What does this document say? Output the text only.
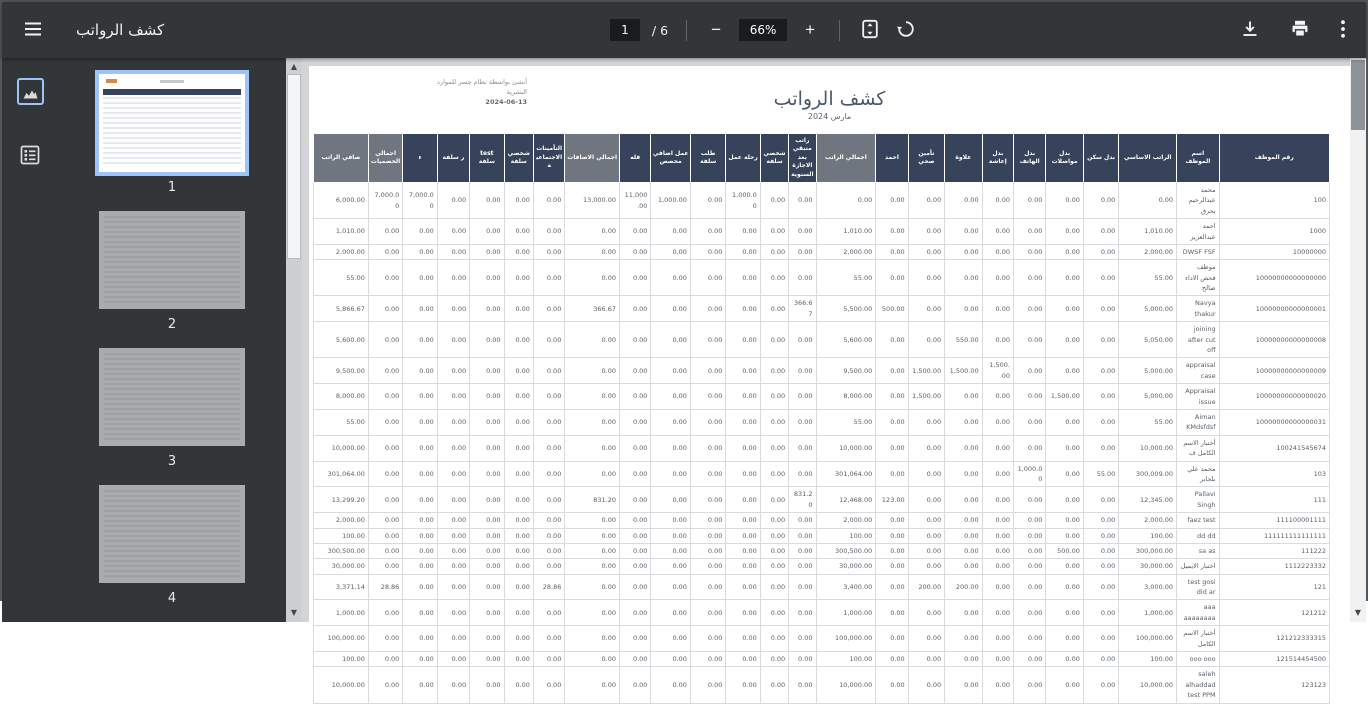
كشف الرواتب
1	/ 6	−
66%	+
1
2
3
4
▲
▼
أنشئ بواسطة نظام جسر للموارد البشرية
2024-06-13	كشف الرواتب
مارس 2024
رقم الموظف	اسم الموظف	الراتب الاساسي	بدل سكن	بدل مواصلات	بدل الهاتف	بدل إعاشة	علاوة	تأمين صحي	احمد	اجمالي الراتب	راتب متبقي بعد الاجازة السنوية	شخصي سلفة	رحلة عمل	طلب سلفة	عمل اضافي مخصص	قله	اجمالي الاضافات	التأمينات الاجتماعية	شخصي سلفة	test سلفة	ر سلفة	ء	اجمالي الخصميات	صافي الراتب
100	محمد عبدالرحيم بحرق	0.00	0.00	0.00	0.00	0.00	0.00	0.00	0.00	0.00	0.00	0.00	1,000.00	0.00	1,000.00	11,000.00	13,000.00	0.00	0.00	0.00	0.00	7,000.00	7,000.00	6,000.00
1000	احمد عبدالعزيز	1,010.00	0.00	0.00	0.00	0.00	0.00	0.00	0.00	1,010.00	0.00	0.00	0.00	0.00	0.00	0.00	0.00	0.00	0.00	0.00	0.00	0.00	0.00	1,010.00
10000000	DWSF FSF	2,000.00	0.00	0.00	0.00	0.00	0.00	0.00	0.00	2,000.00	0.00	0.00	0.00	0.00	0.00	0.00	0.00	0.00	0.00	0.00	0.00	0.00	0.00	2,000.00
10000000000000000	موظف فحص الاداء صالح	55.00	0.00	0.00	0.00	0.00	0.00	0.00	0.00	55.00	0.00	0.00	0.00	0.00	0.00	0.00	0.00	0.00	0.00	0.00	0.00	0.00	0.00	55.00
10000000000000001	Navya thakur	5,000.00	0.00	0.00	0.00	0.00	0.00	0.00	500.00	5,500.00	366.67	0.00	0.00	0.00	0.00	0.00	366.67	0.00	0.00	0.00	0.00	0.00	0.00	5,866.67
10000000000000008	joining after cut off	5,050.00	0.00	0.00	0.00	0.00	550.00	0.00	0.00	5,600.00	0.00	0.00	0.00	0.00	0.00	0.00	0.00	0.00	0.00	0.00	0.00	0.00	0.00	5,600.00
10000000000000009	appraisal case	5,000.00	0.00	0.00	0.00	1,500.00	1,500.00	1,500.00	0.00	9,500.00	0.00	0.00	0.00	0.00	0.00	0.00	0.00	0.00	0.00	0.00	0.00	0.00	0.00	9,500.00
10000000000000020	Appraisal issue	5,000.00	0.00	1,500.00	0.00	0.00	0.00	1,500.00	0.00	8,000.00	0.00	0.00	0.00	0.00	0.00	0.00	0.00	0.00	0.00	0.00	0.00	0.00	0.00	8,000.00
10000000000000031	Aiman KMdsfdsf	55.00	0.00	0.00	0.00	0.00	0.00	0.00	0.00	55.00	0.00	0.00	0.00	0.00	0.00	0.00	0.00	0.00	0.00	0.00	0.00	0.00	0.00	55.00
100241545674	أختبار الاسم الكامل ف	10,000.00	0.00	0.00	0.00	0.00	0.00	0.00	0.00	10,000.00	0.00	0.00	0.00	0.00	0.00	0.00	0.00	0.00	0.00	0.00	0.00	0.00	0.00	10,000.00
103	محمد علي بلجابر	300,009.00	55.00	0.00	1,000.00	0.00	0.00	0.00	0.00	301,064.00	0.00	0.00	0.00	0.00	0.00	0.00	0.00	0.00	0.00	0.00	0.00	0.00	0.00	301,064.00
111	Pallavi Singh	12,345.00	0.00	0.00	0.00	0.00	0.00	0.00	123.00	12,468.00	831.20	0.00	0.00	0.00	0.00	0.00	831.20	0.00	0.00	0.00	0.00	0.00	0.00	13,299.20
111100001111	faez test	2,000.00	0.00	0.00	0.00	0.00	0.00	0.00	0.00	2,000.00	0.00	0.00	0.00	0.00	0.00	0.00	0.00	0.00	0.00	0.00	0.00	0.00	0.00	2,000.00
111111111111111	dd dd	100.00	0.00	0.00	0.00	0.00	0.00	0.00	0.00	100.00	0.00	0.00	0.00	0.00	0.00	0.00	0.00	0.00	0.00	0.00	0.00	0.00	0.00	100.00
111222	sa as	300,000.00	0.00	500.00	0.00	0.00	0.00	0.00	0.00	300,500.00	0.00	0.00	0.00	0.00	0.00	0.00	0.00	0.00	0.00	0.00	0.00	0.00	0.00	300,500.00
1112223332	اختبار الايميل	30,000.00	0.00	0.00	0.00	0.00	0.00	0.00	0.00	30,000.00	0.00	0.00	0.00	0.00	0.00	0.00	0.00	0.00	0.00	0.00	0.00	0.00	0.00	30,000.00
121	test gosi did ar	3,000.00	0.00	0.00	0.00	0.00	200.00	200.00	0.00	3,400.00	0.00	0.00	0.00	0.00	0.00	0.00	0.00	28.86	0.00	0.00	0.00	0.00	28.86	3,371.14
121212	aaa aaaaaaaa	1,000.00	0.00	0.00	0.00	0.00	0.00	0.00	0.00	1,000.00	0.00	0.00	0.00	0.00	0.00	0.00	0.00	0.00	0.00	0.00	0.00	0.00	0.00	1,000.00
121212333315	أختبار الاسم الكامل	100,000.00	0.00	0.00	0.00	0.00	0.00	0.00	0.00	100,000.00	0.00	0.00	0.00	0.00	0.00	0.00	0.00	0.00	0.00	0.00	0.00	0.00	0.00	100,000.00
121514454500	ooo ooo	100.00	0.00	0.00	0.00	0.00	0.00	0.00	0.00	100.00	0.00	0.00	0.00	0.00	0.00	0.00	0.00	0.00	0.00	0.00	0.00	0.00	0.00	100.00
123123	saleh alhaddad test PPM	10,000.00	0.00	0.00	0.00	0.00	0.00	0.00	0.00	10,000.00	0.00	0.00	0.00	0.00	0.00	0.00	0.00	0.00	0.00	0.00	0.00	0.00	0.00	10,000.00
▼
